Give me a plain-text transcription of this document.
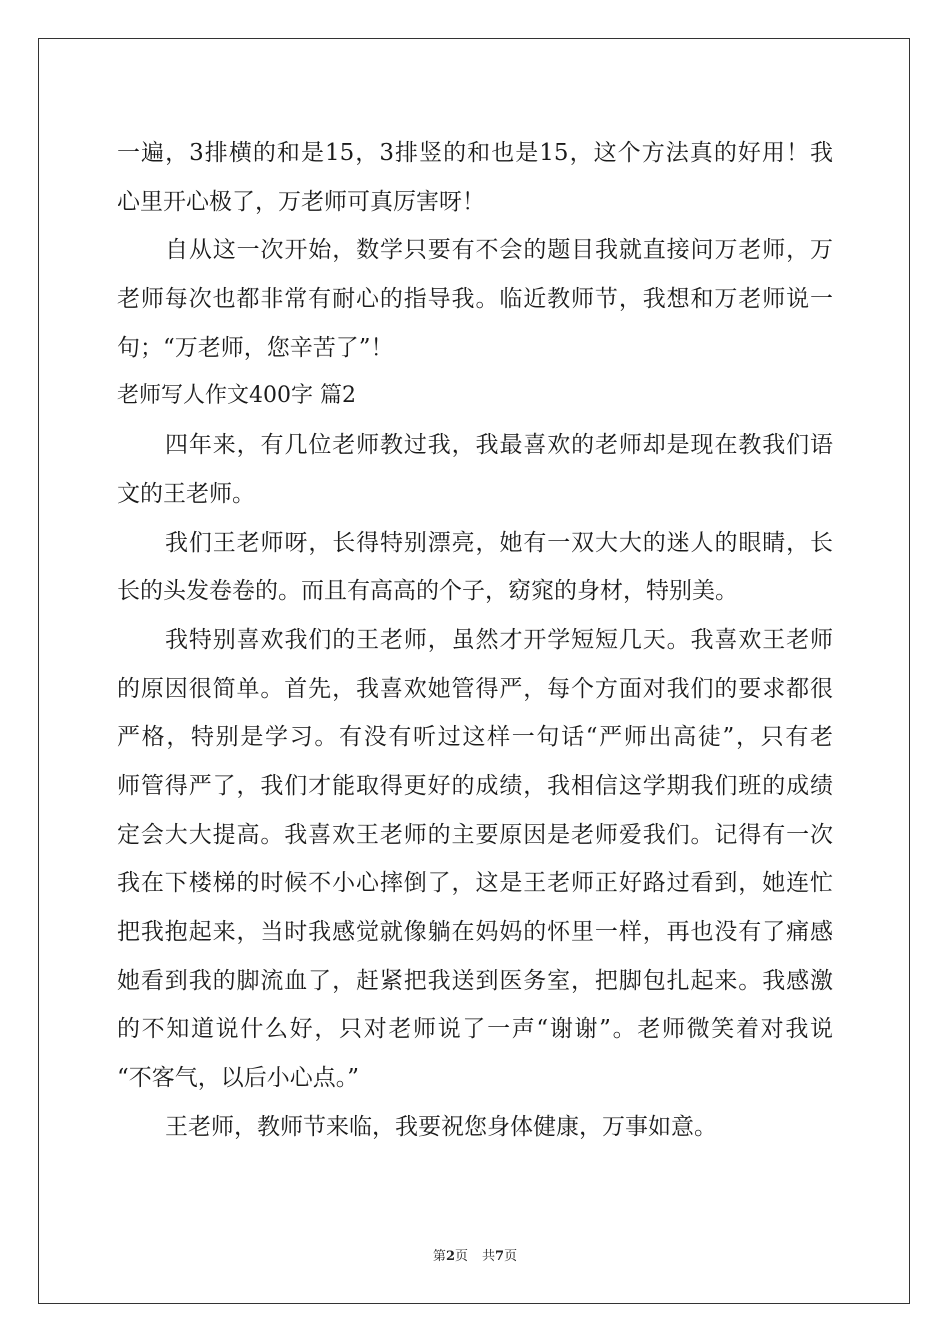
一遍，3排横的和是15，3排竖的和也是15，这个方法真的好用！我
心里开心极了，万老师可真厉害呀！
自从这一次开始，数学只要有不会的题目我就直接问万老师，万
老师每次也都非常有耐心的指导我。临近教师节，我想和万老师说一
句；“万老师，您辛苦了”！
老师写人作文400字 篇2
四年来，有几位老师教过我，我最喜欢的老师却是现在教我们语
文的王老师。
我们王老师呀，长得特别漂亮，她有一双大大的迷人的眼睛，长
长的头发卷卷的。而且有高高的个子，窈窕的身材，特别美。
我特别喜欢我们的王老师，虽然才开学短短几天。我喜欢王老师
的原因很简单。首先，我喜欢她管得严，每个方面对我们的要求都很
严格，特别是学习。有没有听过这样一句话“严师出高徒”，只有老
师管得严了，我们才能取得更好的成绩，我相信这学期我们班的成绩
定会大大提高。我喜欢王老师的主要原因是老师爱我们。记得有一次
我在下楼梯的时候不小心摔倒了，这是王老师正好路过看到，她连忙
把我抱起来，当时我感觉就像躺在妈妈的怀里一样，再也没有了痛感
她看到我的脚流血了，赶紧把我送到医务室，把脚包扎起来。我感激
的不知道说什么好，只对老师说了一声“谢谢”。老师微笑着对我说
“不客气，以后小心点。”
王老师，教师节来临，我要祝您身体健康，万事如意。
第2页 共7页
